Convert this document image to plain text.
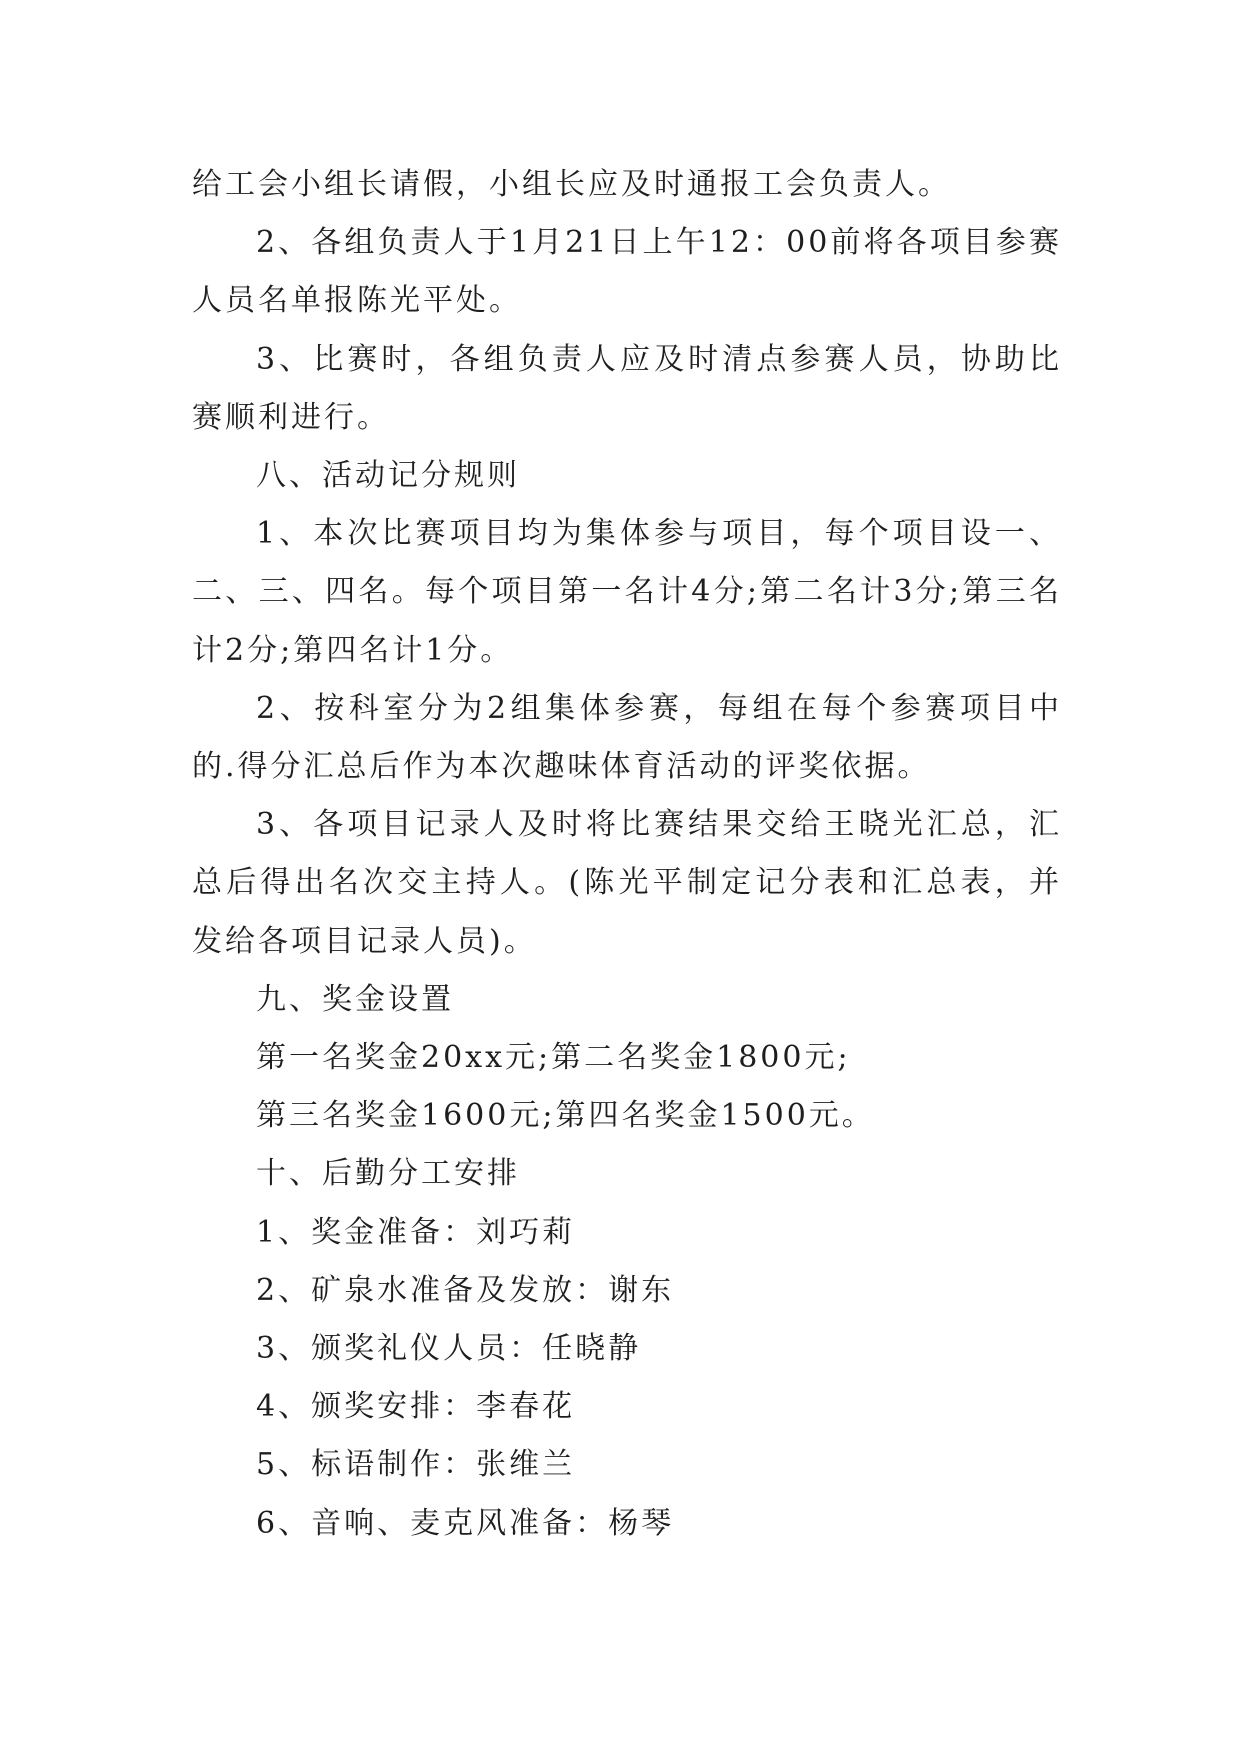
给工会小组长请假，小组长应及时通报工会负责人。

2、各组负责人于1月21日上午12：00前将各项目参赛人员名单报陈光平处。

3、比赛时，各组负责人应及时清点参赛人员，协助比赛顺利进行。

八、活动记分规则

1、本次比赛项目均为集体参与项目，每个项目设一、二、三、四名。每个项目第一名计4分;第二名计3分;第三名计2分;第四名计1分。

2、按科室分为2组集体参赛，每组在每个参赛项目中的.得分汇总后作为本次趣味体育活动的评奖依据。

3、各项目记录人及时将比赛结果交给王晓光汇总，汇总后得出名次交主持人。(陈光平制定记分表和汇总表，并发给各项目记录人员)。

九、奖金设置

第一名奖金20xx元;第二名奖金1800元;

第三名奖金1600元;第四名奖金1500元。

十、后勤分工安排

1、奖金准备：刘巧莉

2、矿泉水准备及发放：谢东

3、颁奖礼仪人员：任晓静

4、颁奖安排：李春花

5、标语制作：张维兰

6、音响、麦克风准备：杨琴
